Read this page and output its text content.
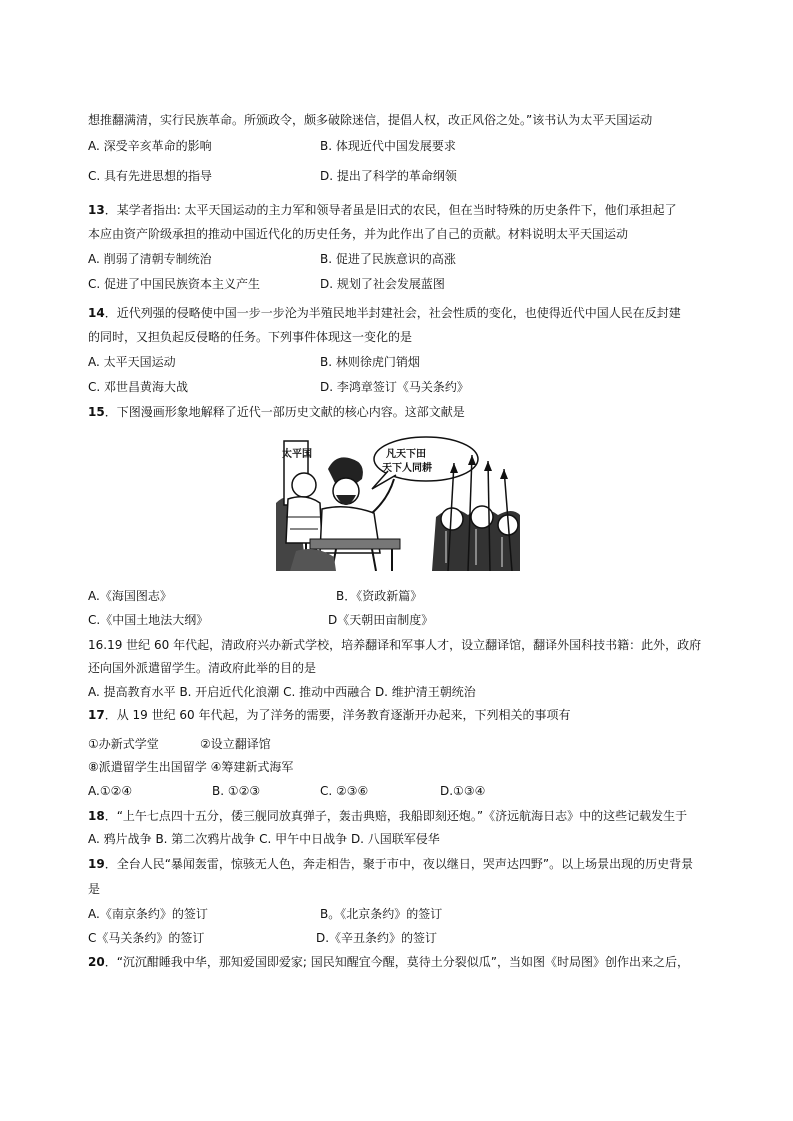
想推翻满清，实行民族革命。所颁政令，颇多破除迷信，提倡人权，改正风俗之处。”该书认为太平天国运动
A. 深受辛亥革命的影响	B. 体现近代中国发展要求
C. 具有先进思想的指导	D. 提出了科学的革命纲领
13．某学者指出: 太平天国运动的主力军和领导者虽是旧式的农民，但在当时特殊的历史条件下，他们承担起了
本应由资产阶级承担的推动中国近代化的历史任务，并为此作出了自己的贡献。材料说明太平天国运动
A. 削弱了清朝专制统治	B. 促进了民族意识的高涨
C. 促进了中国民族资本主义产生	D. 规划了社会发展蓝图
14．近代列强的侵略使中国一步一步沦为半殖民地半封建社会，社会性质的变化，也使得近代中国人民在反封建
的同时，又担负起反侵略的任务。下列事件体现这一变化的是
A. 太平天国运动	B. 林则徐虎门销烟
C. 邓世昌黄海大战	D. 李鸿章签订《马关条约》
15．下图漫画形象地解释了近代一部历史文献的核心内容。这部文献是
太平国	凡天下田
天下人同耕
A.《海国图志》	B．《资政新篇》
C.《中国土地法大纲》	D《天朝田亩制度》
16.19 世纪 60 年代起，清政府兴办新式学校，培养翻译和军事人才，设立翻译馆，翻译外国科技书籍：此外，政府
还向国外派遣留学生。清政府此举的目的是
A. 提高教育水平 B. 开启近代化浪潮 C. 推动中西融合 D. 维护清王朝统治
17．从 19 世纪 60 年代起，为了洋务的需要，洋务教育逐渐开办起来，下列相关的事项有
①办新式学堂	②设立翻译馆
⑧派遣留学生出国留学 ④筹建新式海军
A.①②④	B. ①②③	C. ②③⑥	D.①③④
18．“上午七点四十五分，倭三舰同放真弹子，轰击典赔，我船即刻还炮。”《济远航海日志》中的这些记载发生于
A. 鸦片战争 B. 第二次鸦片战争 C. 甲午中日战争 D. 八国联军侵华
19．全台人民“暴闻轰雷，惊骇无人色，奔走相告，聚于市中，夜以继日，哭声达四野”。以上场景出现的历史背景
是
A.《南京条约》的签订	B。《北京条约》的签订
C《马关条约》的签订	D.《辛丑条约》的签订
20．“沉沉酣睡我中华，那知爱国即爱家; 国民知醒宜今醒，莫待土分裂似瓜”，当如图《时局图》创作出来之后，
